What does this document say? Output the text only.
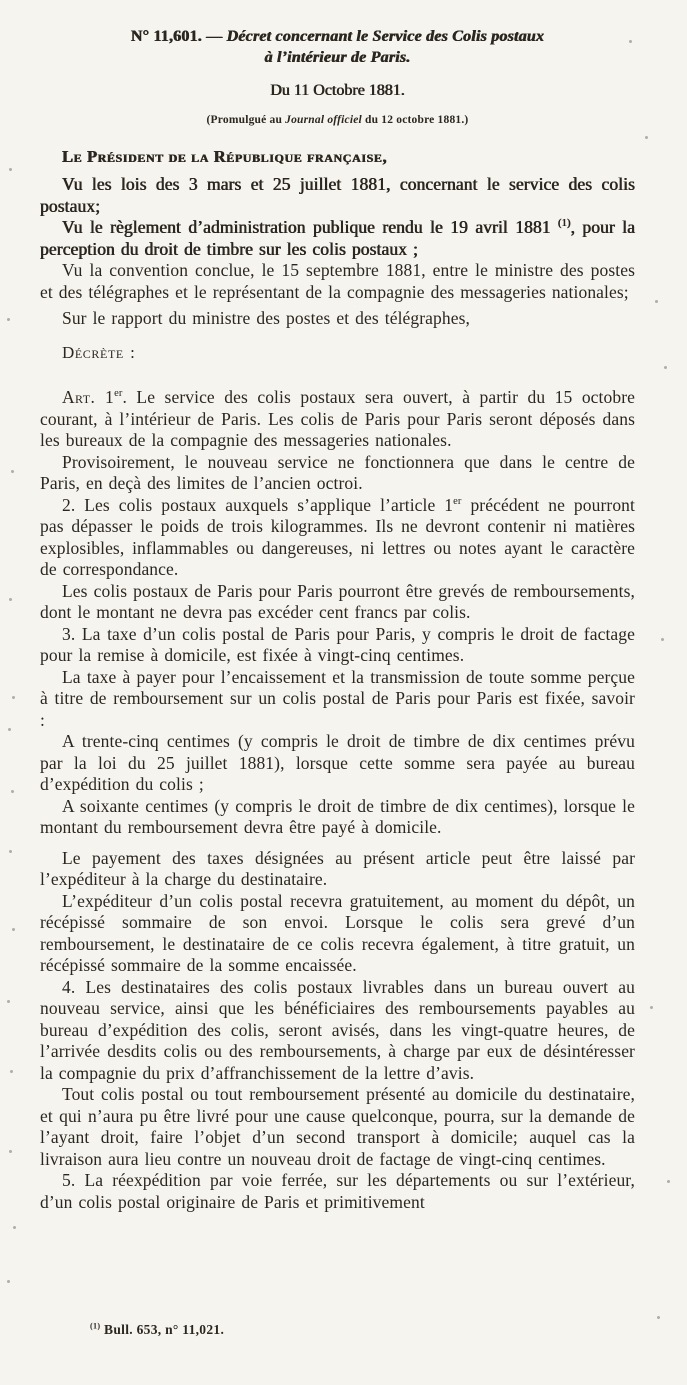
N° 11,601. — Décret concernant le Service des Colis postaux

à l’intérieur de Paris.

Du 11 Octobre 1881.

(Promulgué au Journal officiel du 12 octobre 1881.)

Le Président de la République française,

Vu les lois des 3 mars et 25 juillet 1881, concernant le service des colis postaux;

Vu le règlement d’administration publique rendu le 19 avril 1881 $^{(1)}$, pour la perception du droit de timbre sur les colis postaux ;

Vu la convention conclue, le 15 septembre 1881, entre le ministre des postes et des télégraphes et le représentant de la compagnie des messageries nationales;

Sur le rapport du ministre des postes et des télégraphes,

Décrète :

Art. 1er. Le service des colis postaux sera ouvert, à partir du 15 octobre courant, à l’intérieur de Paris. Les colis de Paris pour Paris seront déposés dans les bureaux de la compagnie des messageries nationales.

Provisoirement, le nouveau service ne fonctionnera que dans le centre de Paris, en deçà des limites de l’ancien octroi.

2. Les colis postaux auxquels s’applique l’article 1er précédent ne pourront pas dépasser le poids de trois kilogrammes. Ils ne devront contenir ni matières explosibles, inflammables ou dangereuses, ni lettres ou notes ayant le caractère de correspondance.

Les colis postaux de Paris pour Paris pourront être grevés de remboursements, dont le montant ne devra pas excéder cent francs par colis.

3. La taxe d’un colis postal de Paris pour Paris, y compris le droit de factage pour la remise à domicile, est fixée à vingt-cinq centimes.

La taxe à payer pour l’encaissement et la transmission de toute somme perçue à titre de remboursement sur un colis postal de Paris pour Paris est fixée, savoir :

A trente-cinq centimes (y compris le droit de timbre de dix centimes prévu par la loi du 25 juillet 1881), lorsque cette somme sera payée au bureau d’expédition du colis ;

A soixante centimes (y compris le droit de timbre de dix centimes), lorsque le montant du remboursement devra être payé à domicile.

Le payement des taxes désignées au présent article peut être laissé par l’expéditeur à la charge du destinataire.

L’expéditeur d’un colis postal recevra gratuitement, au moment du dépôt, un récépissé sommaire de son envoi. Lorsque le colis sera grevé d’un remboursement, le destinataire de ce colis recevra également, à titre gratuit, un récépissé sommaire de la somme encaissée.

4. Les destinataires des colis postaux livrables dans un bureau ouvert au nouveau service, ainsi que les bénéficiaires des remboursements payables au bureau d’expédition des colis, seront avisés, dans les vingt-quatre heures, de l’arrivée desdits colis ou des remboursements, à charge par eux de désintéresser la compagnie du prix d’affranchissement de la lettre d’avis.

Tout colis postal ou tout remboursement présenté au domicile du destinataire, et qui n’aura pu être livré pour une cause quelconque, pourra, sur la demande de l’ayant droit, faire l’objet d’un second transport à domicile; auquel cas la livraison aura lieu contre un nouveau droit de factage de vingt-cinq centimes.

5. La réexpédition par voie ferrée, sur les départements ou sur l’extérieur, d’un colis postal originaire de Paris et primitivement

$^{(1)}$ Bull. 653, n° 11,021.
